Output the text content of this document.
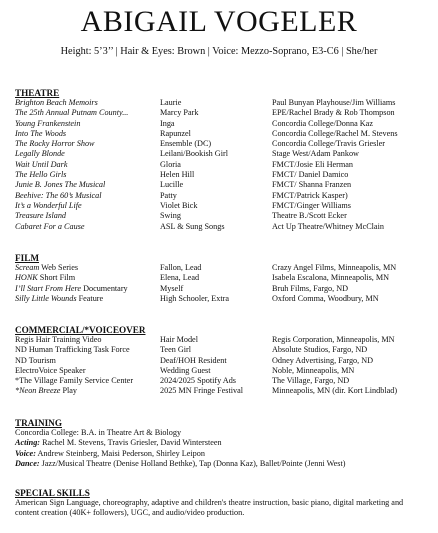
ABIGAIL VOGELER
Height: 5’3’’ | Hair & Eyes: Brown | Voice: Mezzo-Soprano, E3-C6 | She/her
THEATRE
Brighton Beach Memoirs	Laurie	Paul Bunyan Playhouse/Jim Williams
The 25th Annual Putnam County...	Marcy Park	EPE/Rachel Brady & Rob Thompson
Young Frankenstein	Inga	Concordia College/Donna Kaz
Into The Woods	Rapunzel	Concordia College/Rachel M. Stevens
The Rocky Horror Show	Ensemble (DC)	Concordia College/Travis Griesler
Legally Blonde	Leilani/Bookish Girl	Stage West/Adam Pankow
Wait Until Dark	Gloria	FMCT/Josie Eli Herman
The Hello Girls	Helen Hill	FMCT/ Daniel Damico
Junie B. Jones The Musical	Lucille	FMCT/ Shanna Franzen
Beehive: The 60’s Musical	Patty	FMCT/Patrick Kasper)
It’s a Wonderful Life	Violet Bick	FMCT/Ginger Williams
Treasure Island	Swing	Theatre B./Scott Ecker
Cabaret For a Cause	ASL & Sung Songs	Act Up Theatre/Whitney McClain
FILM
Scream Web Series	Fallon, Lead	Crazy Angel Films, Minneapolis, MN
HONK Short Film	Elena, Lead	Isabela Escalona, Minneapolis, MN
I’ll Start From Here Documentary	Myself	Bruh Films, Fargo, ND
Silly Little Wounds Feature	High Schooler, Extra	Oxford Comma, Woodbury, MN
COMMERCIAL/*VOICEOVER
Regis Hair Training Video	Hair Model	Regis Corporation, Minneapolis, MN
ND Human Trafficking Task Force	Teen Girl	Absolute Studios, Fargo, ND
ND Tourism	Deaf/HOH Resident	Odney Advertising, Fargo, ND
ElectroVoice Speaker	Wedding Guest	Noble, Minneapolis, MN
*The Village Family Service Center	2024/2025 Spotify Ads	The Village, Fargo, ND
*Neon Breeze Play	2025 MN Fringe Festival	Minneapolis, MN (dir. Kort Lindblad)
TRAINING
Concordia College: B.A. in Theatre Art & Biology
Acting: Rachel M. Stevens, Travis Griesler, David Wintersteen
Voice: Andrew Steinberg, Maisi Pederson, Shirley Leipon
Dance: Jazz/Musical Theatre (Denise Holland Bethke), Tap (Donna Kaz), Ballet/Pointe (Jenni West)
SPECIAL SKILLS
American Sign Language, choreography, adaptive and children's theatre instruction, basic piano, digital marketing and content creation (40K+ followers), UGC, and audio/video production.
